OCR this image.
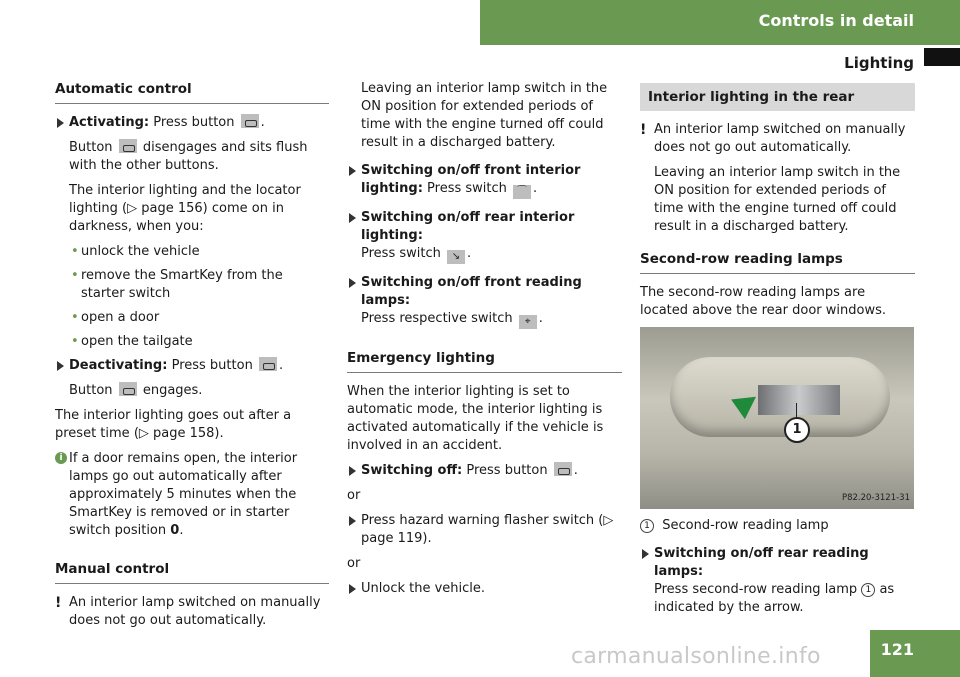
Controls in detail
Lighting
Automatic control
Activating: Press button .

Button disengages and sits flush with the other buttons.

The interior lighting and the locator lighting (▷ page 156) come on in darkness, when you:

• unlock the vehicle
• remove the SmartKey from the starter switch
• open a door
• open the tailgate
Deactivating: Press button .

Button engages.

The interior lighting goes out after a preset time (▷ page 158).

i If a door remains open, the interior lamps go out automatically after approximately 5 minutes when the SmartKey is removed or in starter switch position 0.

Manual control

! An interior lamp switched on manually does not go out automatically.

Leaving an interior lamp switch in the ON position for extended periods of time with the engine turned off could result in a discharged battery.

Switching on/off front interior lighting: Press switch ⌒ .
Switching on/off rear interior lighting:
Press switch ↘ .
Switching on/off front reading lamps:
Press respective switch ⌖ .
Emergency lighting

When the interior lighting is set to automatic mode, the interior lighting is activated automatically if the vehicle is involved in an accident.

Switching off: Press button .

or

Press hazard warning flasher switch (▷ page 119).

or

Unlock the vehicle.
Interior lighting in the rear

! An interior lamp switched on manually does not go out automatically.

Leaving an interior lamp switch in the ON position for extended periods of time with the engine turned off could result in a discharged battery.

Second-row reading lamps

The second-row reading lamps are located above the rear door windows.

1
P82.20-3121-31

1 Second-row reading lamp

Switching on/off rear reading lamps:
Press second-row reading lamp 1 as indicated by the arrow.
121
carmanualsonline.info
